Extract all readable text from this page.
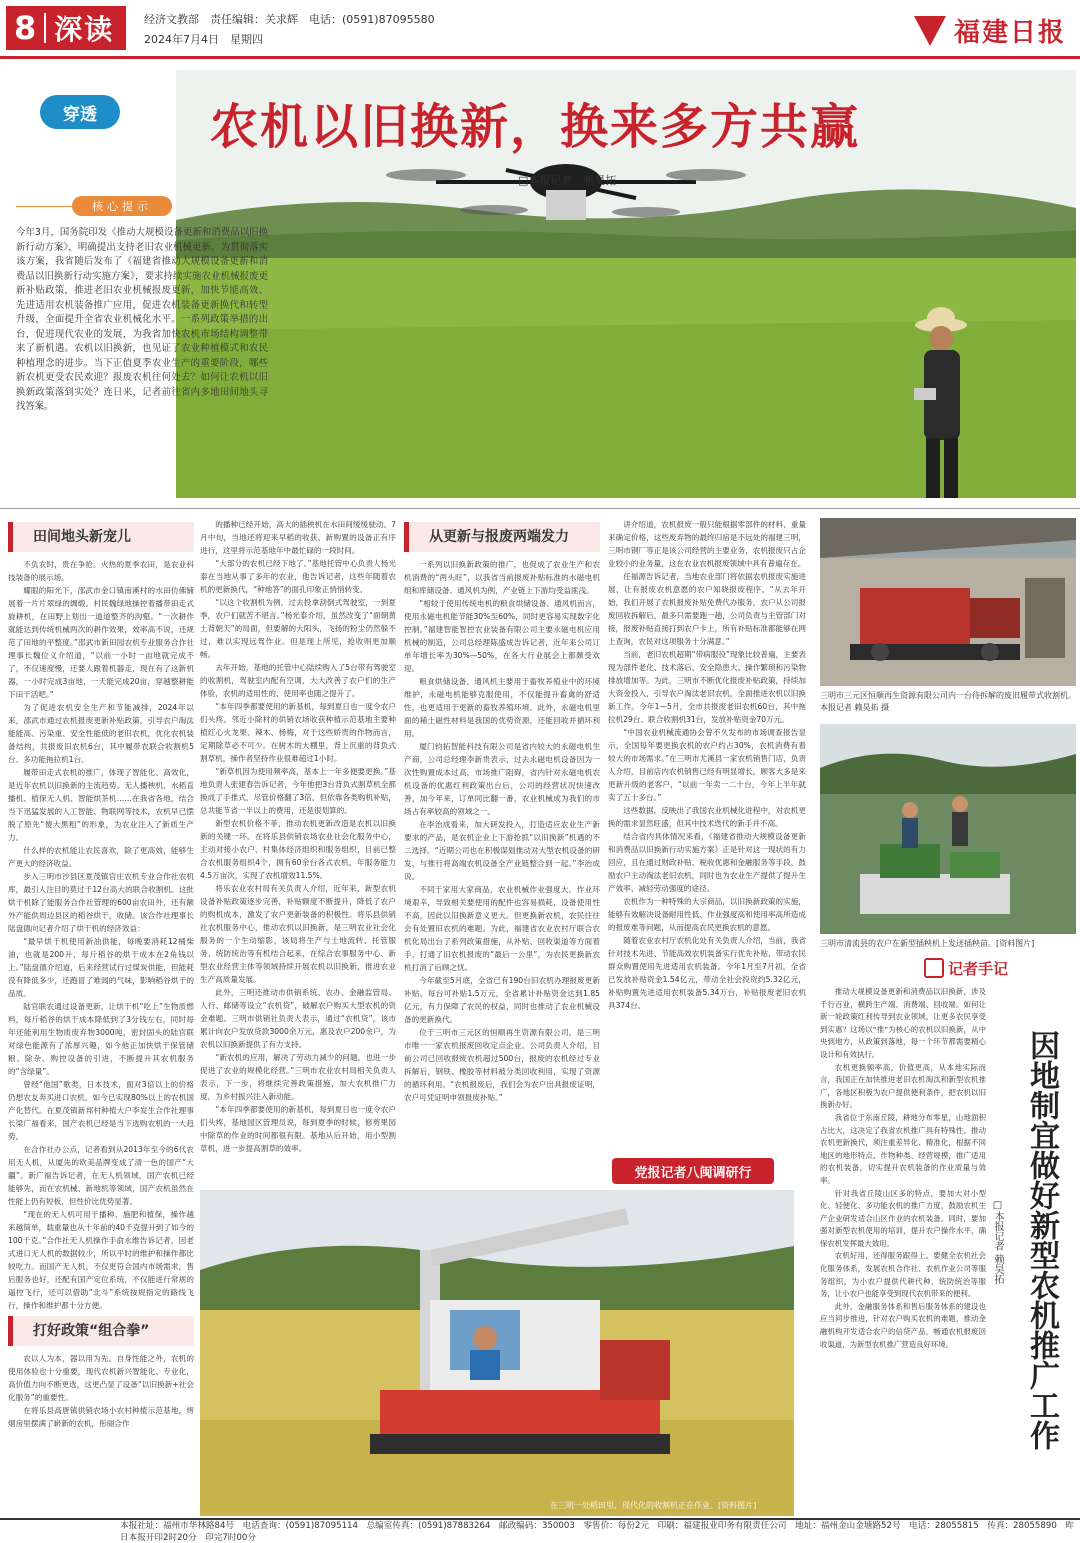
8 深读	经济文教部　责任编辑：关求辉　电话：(0591)87095580
2024年7月4日　星期四	福建日报
农机以旧换新，换来多方共赢
□本报记者　赖昊拓
穿透
核心提示
今年3月，国务院印发《推动大规模设备更新和消费品以旧换新行动方案》，明确提出支持老旧农业机械更新。为贯彻落实该方案，我省随后发布了《福建省推动大规模设备更新和消费品以旧换新行动实施方案》，要求持续实施农业机械报废更新补贴政策，推进老旧农业机械报废更新，加快节能高效、先进适用农机装备推广应用，促进农机装备更新换代和转型升级，全面提升全省农业机械化水平。一系列政策举措的出台，促进现代农业的发展，为我省加快农机市场结构调整带来了新机遇。农机以旧换新，也见证了农业种植模式和农民种植理念的进步。当下正值夏季农业生产的重要阶段，哪些新农机更受农民欢迎？报废农机往何处去？如何让农机以旧换新政策落到实处？连日来，记者前往省内多地田间地头寻找答案。
田间地头新宠儿

不负农时，贵在争抢。火热的夏季农田，是农业科技装备的展示场。

耀眼的阳光下，邵武市金口镇南溪村的水田仿佛铺展着一片片翠绿的绸缎。村民魏绿地操控着播带田走式旋耕机，在田野上划出一道道整齐的沟壑。“一次耕作就能达到传统机械两次的耕作效果，效率高不说，还规范了田地的平整度。”邵武市新田园农机专业服务合作社理事长魏位义介绍道，“以前一小时一亩地就完成不了，不仅速度慢，还要人跟着机器走，现在有了这新机器，一小时完成3亩地，一天能完成20亩，穿越整耕能下田干活吧。”

为了促进农机安全生产和节能减排，2024年以来，邵武市通过农机报废更新补贴政策，引导农户淘汰能能高、污染重、安全性能低的老旧农机，优化农机装备结构，共报废旧农机6台，其中履带农联合收割机5台、多功能拖拉机1台。

履带田走式农机的推广，体现了智能化、高效化，是近年农机以旧换新的主流趋势。无人播秧机、水稻直播机、植保无人机、智能烘茶机……在我省各地，结合当下迅猛发展的人工智能、物联网等技术，农机早已摆脱了原先“傻大黑粗”的形象，为农业注入了新质生产力。

什么样的农机能让农民喜欢，除了更高效，能够生产更大的经济收益。

步入三明市沙县区夏茂镇官庄农机专业合作社农机库，最引人注目的莫过于12台高大的联合收割机。这批烘干机除了能服务合作社管理的600亩农田外，还有额外产能供周边县区的稻谷烘干，收储。该合作社理事长陆盘德向记者介绍了烘干机的经济效益：

“最早烘干机使用新油供能，每晚要消耗12桶柴油，也就是200升，每斤稻谷的烘干成本在2角钱以上。”陆盘德介绍道，后来经营试行过煤炭供能，但能耗没有降低多少，还跑冒了难闻的气味，影响稻谷烘干的品质。

陆官联农通过设备更新，让烘干机“吃上”生物质燃料，每斤稻谷的烘干成本降低到了3分钱左右，同时每年还能利用生物质废弃物3000吨，密封固头的陆官联对绿色能源有了浓厚兴趣，如今他正加快烘干保管储粮、除杂、购控设备的引进，不断提升其农机服务的“含绿量”。

曾经“他国”歌类，日本技术，面对3倍以上的价格仍想农友奔买进口农机，如今已实现80%以上的农机国产化替代。在夏茂镇新邦村种植大户李发生合作社理事长梁广福看来，国产农机已经是当下选购农机的一大趋势。

在合作社办公点，记者看到从2013年至今的6代农用无人机，从厦先的欧美品牌变成了清一色的国产“大疆”。新广福告诉记者，在无人机领域，国产农机已经能够先，而在农机械、新地机等领域，国产农机虽然在性能上仍有短板，但性价比优势显著。

“现在的无人机可用于播种、施肥和植保，操作越来越简单，载重量也从十年前的40千克提升到了如今的100千克。”合作社无人机操作手俞永维告诉记者，因老式进口无人机的数据较少，所以平时的维护和操作都比较吃力。而国产无人机，不仅更符合国内市场需求，售后服务也好，还配有国产定位系统，不仅能进行常规的逼控飞行，还可以借助“北斗”系统按规指定的路线飞行，操作和维护都十分方便。

打好政策“组合拳”

农以人为本，器以用为先。自身性能之外，农机的使用体验也十分重要，现代农机新兴智能化、专业化，高价值力向不断更选，这更凸显了设备“以旧换新+社会化服务”的重要性。

在将乐县高唐镇供销农场小农村种植示范基地，烤烟房里摆满了崭新的农机，彤丽合作

的播种已经开始，高大的插秧机在水田间缓缓驶动。7月中旬，当地还将迎来早稻的收获，新购置的设备正有序进行，这里将示范基地年中最忙碌的一段时间。

“大部分的农机已经下地了。”基地托管中心负责人杨光泰在当地从事了多年的农业，他告诉记者，这些年随着农机的更新换代，“种地答”的面孔印象正悄悄转变。

“以这个收割机为例，过去投拿刮倒式驾驶室，一到夏季，农户们就苦不堪言。”杨光泰介绍，虽然改变了“面朝黄土背朝天”的局面，但要解的大阳头，飞扬的粉尘仍然躲不过，难以实现远驾作业。但是现上所见，抢收则更加顺畅。

去年开始，基地的托管中心陆续购入了5台带有驾驶室的收割机，驾驶室内配有空调，大大改善了农户们的生产体验，农机的适用性的、使用率也随之提升了。

“本年四季都要使用的新基机，每到夏日也一度令农户们头疼。邻近小除村的供销农场收获种植示范基地主要种植红心火龙果、辣木、杨梅，对于这些娇贵的作物而言，定期除草必不可少。在树木的大棚里，背上沉重的背负式割草机，操作者坚持作业很难超过1小时。

“新草机因为使用频率高，基本上一年多便要更换。”基地负责人张建春告诉记者，今年他把3台背负式割草机全都换成了手推式，尽管价格翻了3倍，但依靠各类购机补贴，总共能节省一半以上的费用，还是很划算的。

新型农机价格不菲，推动农机更新改造是农机以旧换新的关键一环。在将乐县供销农场农业社会化服务中心，主动对接小农户，村集体经济组织和服务组织，目前已整合农机服务组织4个，拥有60余台各式农机，年服务能力4.5万亩次，实现了农机增效11.5%。

将乐农业农村局有关负责人介绍，近年来，新型农机设备补贴政策逐步完善，补贴额度不断提升，降低了农户的购机成本，激发了农户更新装备的积极性。将乐县供销社农机服务中心，推动农机以旧换新，是三明农业社会化服务的一个生动缩影，该局将生产与土地流转、托管服务、统防统治等有机结合起来，在综合农事服务中心、新型农业经营主体等领域持续开展农机以旧换新，推进农业生产高质量发展。

此外，三明还推动市供销系统、农办、金融监管局、人行、邮储等设立“农机贷”，破解农户购买大型农机的资金难题。三明市供销社负责人表示，通过“农机贷”，该市累计向农户发放贷款3000余万元，惠及农户200余户，为农机以旧换新提供了有力支持。

“新农机的应用，解决了劳动力减少的问题，也进一步促进了农业的规模化经营。”三明市农业农村局相关负责人表示，下一步，将继续完善政策措施，加大农机推广力度，为乡村振兴注入新动能。

“本年四季都要使用的新基机，每到夏日也一度令农户们头疼，基地园区管理员说，每到夏季的时候，修剪果园中除草的作业的时间都很有限。基地从后开始，用小型割草机，进一步提高割草的效率。

从更新与报废两端发力

一系列以旧换新政策的推广，也促成了农业生产和农机消费的“两头旺”，以我省当前报废补贴标准的水磁电机组和库储设备、通风机为例，产业链上下游均受益匪浅。

“相较于使用传统电机的粮食烘储设备、通风机而言，使用永磁电机能节能30%至60%，同时更容易实现数字化控制。”福建智能智控农业装备有限公司主要永磁电机应用机械的制造，公司总经理陈盛成告诉记者，近年来公司订单年增长率为30%—50%，在各大行业展会上都颇受欢迎。

粮食烘储设备、通风机主要用于畜牧养殖业中的环境维护，永磁电机能够克服使用，不仅能提升畜禽的舒适性，也更适用于更新的畜牧养殖环境。此外，永磁电机里面的稀土磁性材料是我国的优势资源，还能回收并循环利用。

厦门钧拓智能科技有限公司是省内较大的永磁电机生产商，公司总经理李新贵表示，过去永磁电机设备因为一次性购置成本过高，市场推广阻碍，省内针对永磁电机农机设备的优惠红利政策出台后，公司的经营状况快速改善，加今年来，订单同比翻一番，农业机械成为我们的市场占有率较高的领域之一。

在李治成看来，加大研发投入，打造适应农业生产新要求的产品，是农机企业上下游抢抓“以旧换新”机遇的不二选择。“近期公司也在积极谋划推动对大型农机设备的研发，与推行将高端农机设备全产业链整合到一起。”李治成说。

不同于家用大家商品，农业机械作业强度大，作业环境艰辛，导致相关要使用的配件也容易损耗，设备使用性不高，因此以旧换新意义更大。但更换新农机，农民往往会有处置旧农机的难题。为此，福建省农业农村厅联合农机化局出台了系列政策措施，从补贴、回收渠道等方面着手，打通了旧农机报废的“最后一公里”，为农民更换新农机打消了后顾之忧。

今年截至5月底，全省已有190台旧农机办理报废更新补贴，每台可补贴1.5万元，全省累计补贴资金达到1.85亿元，有力保障了农民的权益，同时也推动了农业机械设备的更新换代。

位于三明市三元区的恒顺再生资源有限公司，是三明市唯一一家农机报废回收定点企业。公司负责人介绍，目前公司已回收报废农机超过500台，报废的农机经过专业拆解后，钢铁、橡胶等材料被分类回收利用，实现了资源的循环利用。“农机报废后，我们会为农户出具报废证明，农户可凭证明申领报废补贴。”

讲介绍道，农机报废一般只能根据零部件的材料、重量来确定价格，这些废弃物的最终归宿是不远处的福建三明，三明市钢厂等正是该公司经营的主要业务，农机报废只占企业较小的业务量，这在农业农机报废领域中具有普遍存在。

任福源告诉记者，当地农业部门将依据农机报废实施进展，让有报废农机意愿的农户知晓报废程序。“从去年开始，我们开展了农机报废补贴免费代办服务，农户从公司报废回收拆解后，最多只需要跑一趟，公司负责与主管部门对接，报废补贴直接打到农户卡上，所有补贴标准都能够在网上查询，农民对这项服务十分满意。”

当前，老旧农机超期“带病服役”现象比较普遍，主要表现为部件老化、技术落后、安全隐患大、操作繁琐和污染物排放增加等。为此，三明市不断优化报废补贴政策，持续加大资金投入，引导农户淘汰老旧农机，全面推进农机以旧换新工作。今年1—5月，全市共报废老旧农机60台，其中拖拉机29台、联合收割机31台，发放补贴资金70万元。

“中国农业机械流通协会曾不久发布的市场调查报告显示，全国每年要更换农机的农户约占30%，农机消费有着较大的市场需求。”在三明市尤溪县一家农机销售门店，负责人介绍，目前店内农机销售已经有明显增长，顾客大多是来更新升级的老客户，“以前一年卖一二十台，今年上半年就卖了五十多台。”

这些数据，反映出了我国农业机械化进程中，对农机更换的需求显然旺盛，但其中技术迭代的新手并不高。

结合省内具体情况来看，《福建省推动大规模设备更新和消费品以旧换新行动实施方案》正是针对这一现状的有力回应，且在通过财政补贴、税收优惠和金融服务等手段，鼓励农户主动淘汰老旧农机，同时也为农业生产提供了提升生产效率、减轻劳动强度的途径。

农机作为一种特殊的大宗商品，以旧换新政策的实施，能够有效解决设备耐用性低、作业强度高和使用率高所造成的报废难等问题，从而提高农民更换农机的意愿。

随着农业农村厅农机化处有关负责人介绍，当前，我省针对技术先进、节能高效农机装备实行优先补贴，带动农民群众购置使用先进适用农机装备。今年1月至7月初，全省已发放补贴资金1.54亿元，带动全社会投资约5.32亿元，补贴购置先进适用农机装备5.34万台，补贴报废老旧农机具374台。

党报记者八闽调研行
三明市三元区恒顺再生资源有限公司内一台待拆解的废旧履带式收割机。本报记者 赖昊拓 摄
三明市清流县的农户在新型插秧机上发送插秧苗。[资料图片]
记者手记

推动大规模设备更新和消费品以旧换新，涉及千行百业，横跨生产端、消费端、回收端。如何让新一轮政策红利传导到农业领域，让更多农民享受到实惠？这场以“推”为核心的农机以旧换新，从中央到地方，从政策到落地，每一个环节都需要精心设计和有效执行。

农机更换频率高，价值更高，从本地实际而言，我国正在加快推进老旧农机淘汰和新型农机推广，各地区积极为农户提供便利条件，把农机以旧换新办好。

我省位于东南丘陵，耕地分布零星，山地面积占比大，这决定了我省农机推广具有特殊性。推动农机更新换代，须注重差异化、精准化，根据不同地区的地形特点、作物种类、经营规模，推广适用的农机装备，切实提升农机装备的作业质量与效率。

针对我省丘陵山区多的特点，要加大对小型化、轻便化、多功能农机的推广力度，鼓励农机生产企业研发适合山区作业的农机装备。同时，要加强对新型农机使用的培训，提升农户操作水平，确保农机发挥最大效用。

农机好用，还得服务跟得上。要健全农机社会化服务体系，发展农机合作社、农机作业公司等服务组织，为小农户提供代耕代种、统防统治等服务，让小农户也能享受到现代农机带来的便利。

此外，金融服务体系和售后服务体系的建设也应当同步推进，针对农户购买农机的难题，推动金融机构开发适合农户的信贷产品，畅通农机报废回收渠道，为新型农机推广营造良好环境。	因地制宜做好新型农机推广工作
□本报记者 赖昊拓
在三明一处稻田里，现代化的收割机正在作业。[资料图片]
本报社址：福州市华林路84号　电话查询：(0591)87095114　总编室传真：(0591)87883264　邮政编码：350003　零售价：每份2元　印刷：福建报业印务有限责任公司　地址：福州金山金塘路52号　电话：28055815　传真：28055890　昨日本报开印2时20分　印完7时00分
